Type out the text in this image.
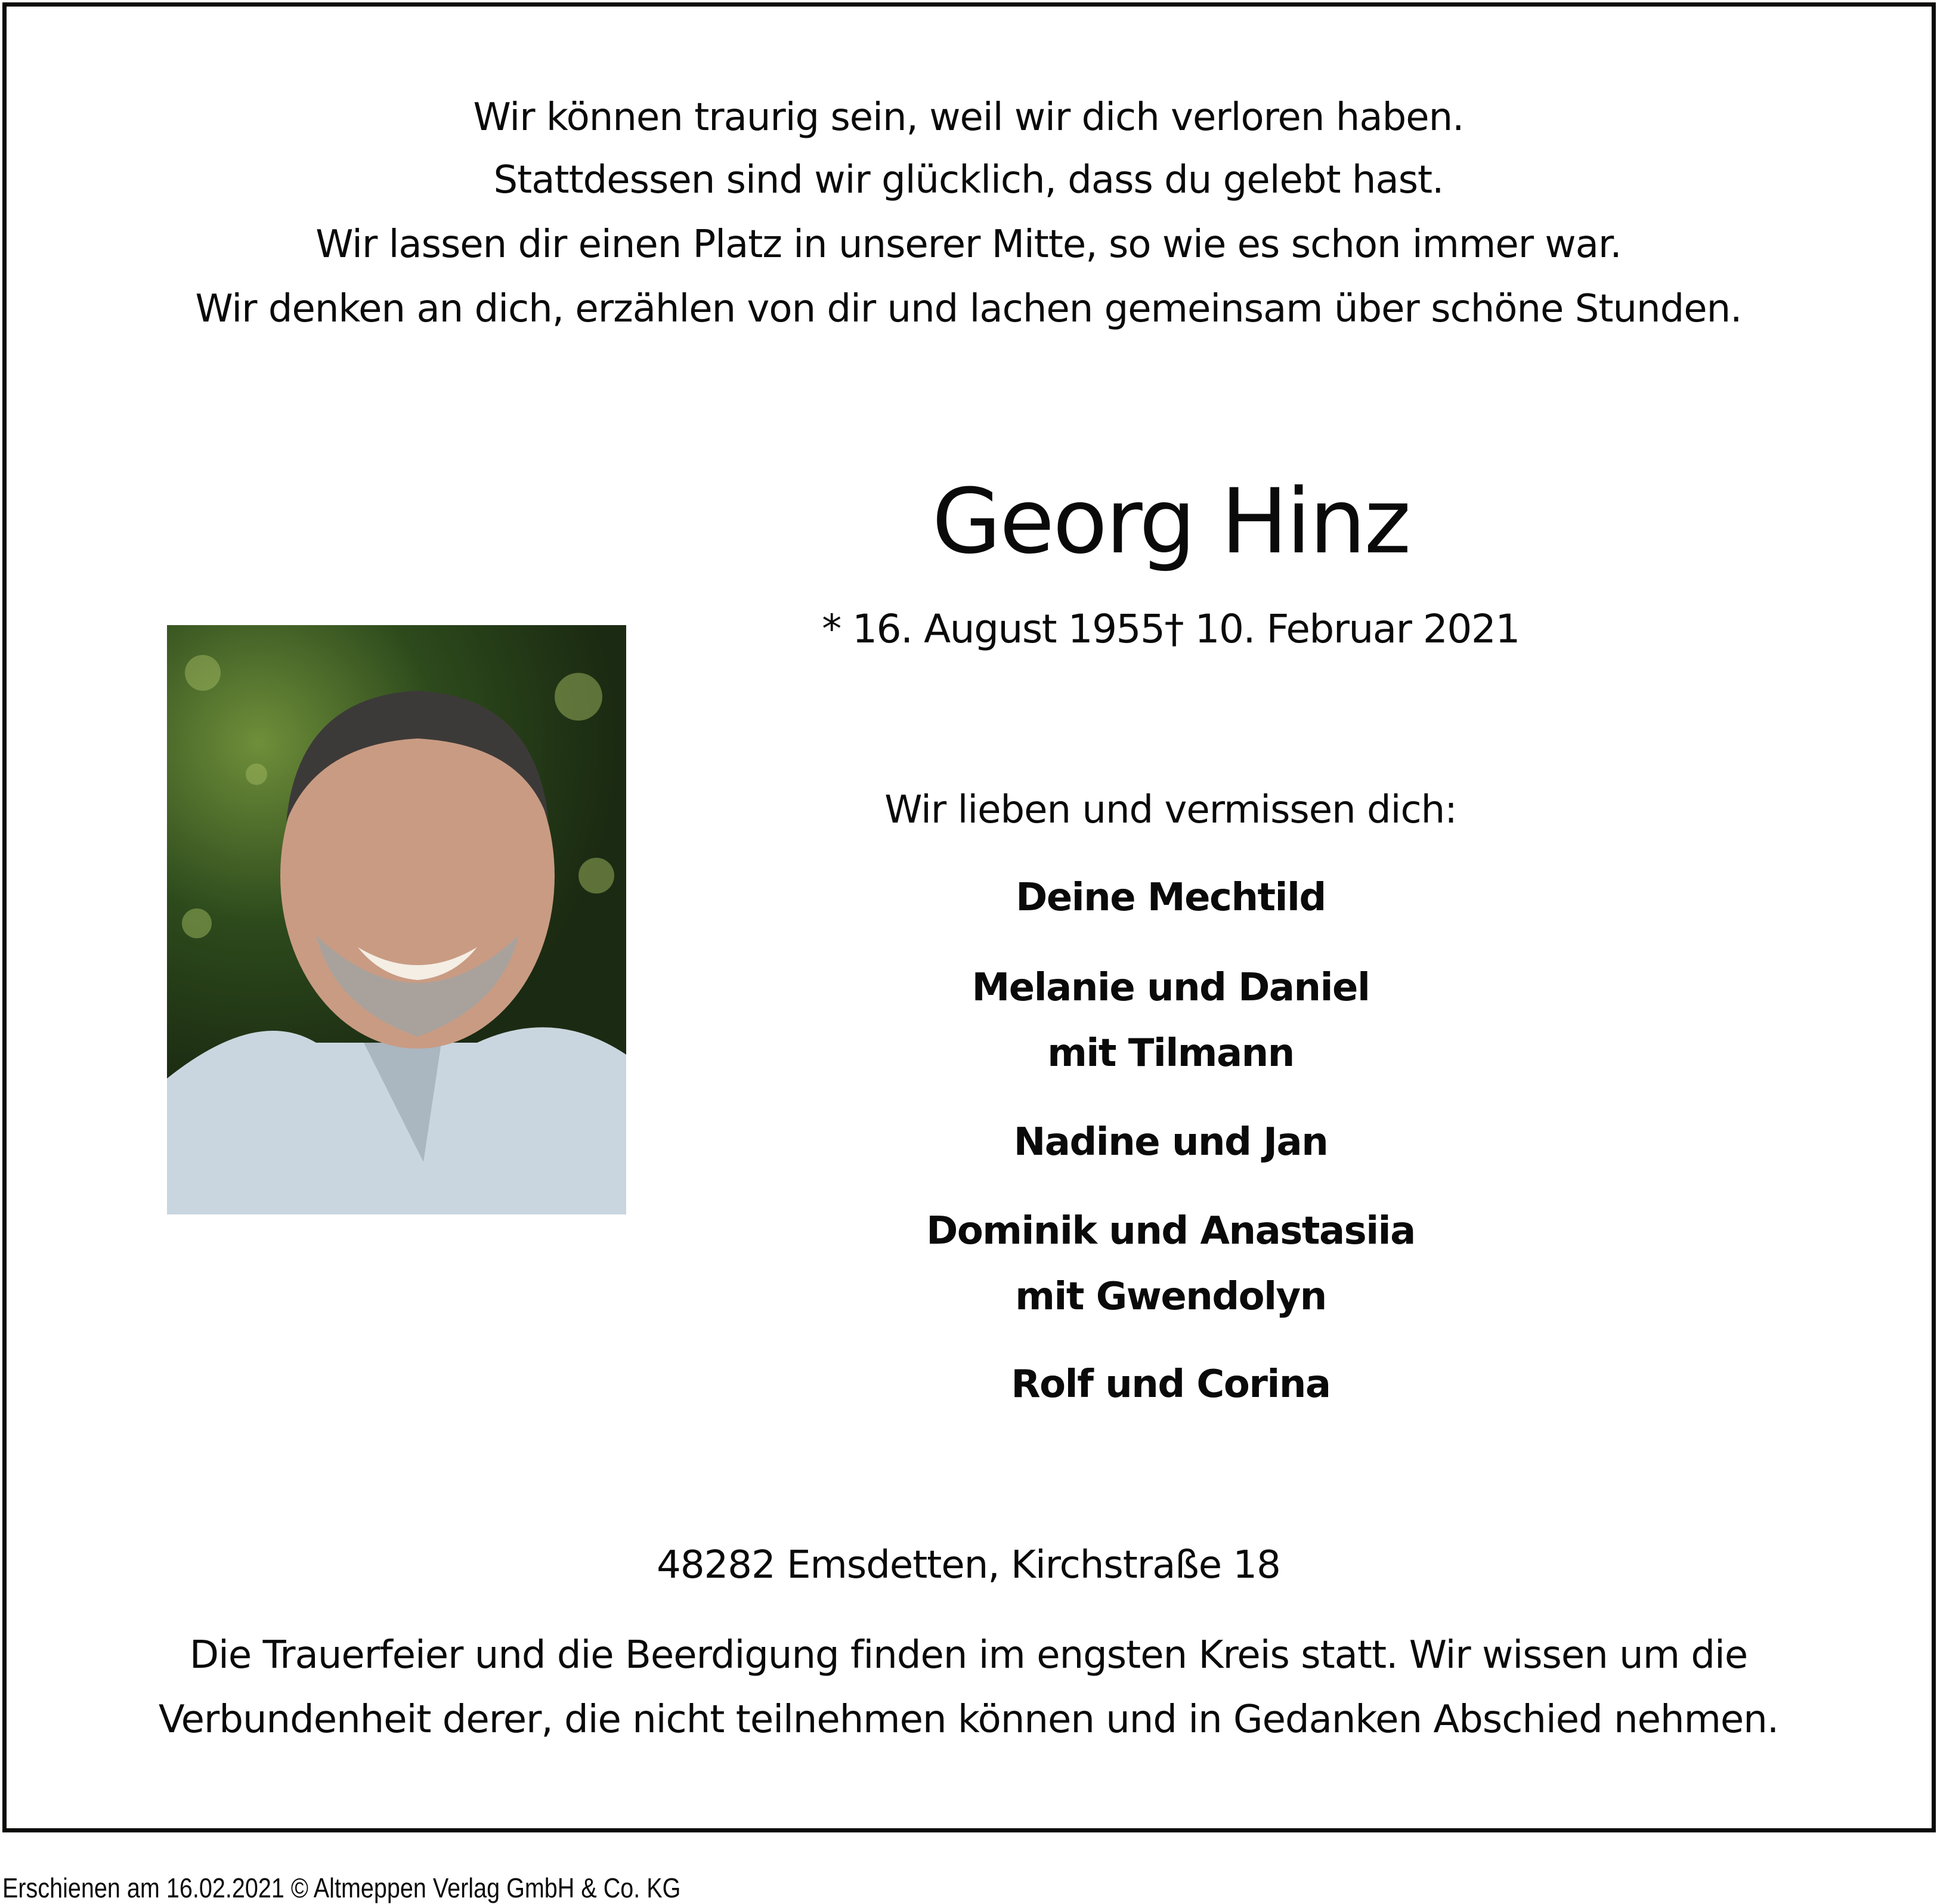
Wir können traurig sein, weil wir dich verloren haben.
Stattdessen sind wir glücklich, dass du gelebt hast.
Wir lassen dir einen Platz in unserer Mitte, so wie es schon immer war.
Wir denken an dich, erzählen von dir und lachen gemeinsam über schöne Stunden.
Georg Hinz
* 16. August 1955 † 10. Februar 2021
Wir lieben und vermissen dich:
Deine Mechtild
Melanie und Daniel
mit Tilmann
Nadine und Jan
Dominik und Anastasiia
mit Gwendolyn
Rolf und Corina
48282 Emsdetten, Kirchstraße 18
Die Trauerfeier und die Beerdigung finden im engsten Kreis statt. Wir wissen um die
Verbundenheit derer, die nicht teilnehmen können und in Gedanken Abschied nehmen.
Erschienen am 16.02.2021 © Altmeppen Verlag GmbH & Co. KG
